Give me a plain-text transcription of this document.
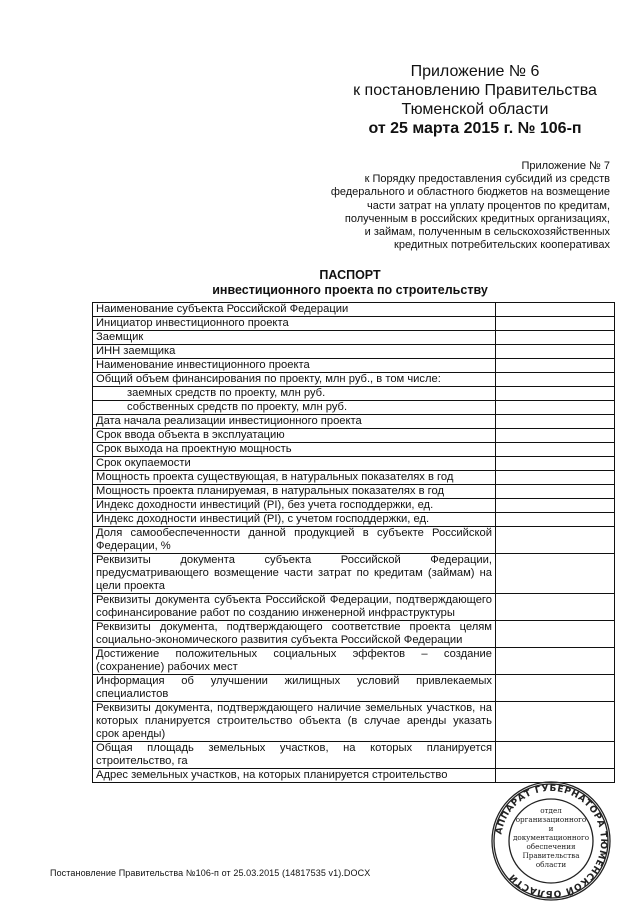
Приложение № 6
к постановлению Правительства
Тюменской области
от 25 марта 2015 г. № 106-п
Приложение № 7
к Порядку предоставления субсидий из средств
федерального и областного бюджетов на возмещение
части затрат на уплату процентов по кредитам,
полученным в российских кредитных организациях,
и займам, полученным в сельскохозяйственных
кредитных потребительских кооперативах
ПАСПОРТ
инвестиционного проекта по строительству
Наименование субъекта Российской Федерации	
Инициатор инвестиционного проекта	
Заемщик	
ИНН заемщика	
Наименование инвестиционного проекта	
Общий объем финансирования по проекту, млн руб., в том числе:	
заемных средств по проекту, млн руб.	
собственных средств по проекту, млн руб.	
Дата начала реализации инвестиционного проекта	
Срок ввода объекта в эксплуатацию	
Срок выхода на проектную мощность	
Срок окупаемости	
Мощность проекта существующая, в натуральных показателях в год	
Мощность проекта планируемая, в натуральных показателях в год	
Индекс доходности инвестиций (PI), без учета господдержки, ед.	
Индекс доходности инвестиций (PI), с учетом господдержки, ед.	
Доля самообеспеченности данной продукцией в субъекте Российской Федерации, %	
Реквизиты документа субъекта Российской Федерации, предусматривающего возмещение части затрат по кредитам (займам) на цели проекта	
Реквизиты документа субъекта Российской Федерации, подтверждающего софинансирование работ по созданию инженерной инфраструктуры	
Реквизиты документа, подтверждающего соответствие проекта целям социально-экономического развития субъекта Российской Федерации	
Достижение положительных социальных эффектов – создание (сохранение) рабочих мест	
Информация об улучшении жилищных условий привлекаемых специалистов	
Реквизиты документа, подтверждающего наличие земельных участков, на которых планируется строительство объекта (в случае аренды указать срок аренды)	
Общая площадь земельных участков, на которых планируется строительство, га	
Адрес земельных участков, на которых планируется строительство	
Постановление Правительства №106-п от 25.03.2015 (14817535 v1).DOCX
АППАРАТ ГУБЕРНАТОРА ТЮМЕНСКОЙ ОБЛАСТИ
отдел
организационного
и
документационного
обеспечения
Правительства
области
